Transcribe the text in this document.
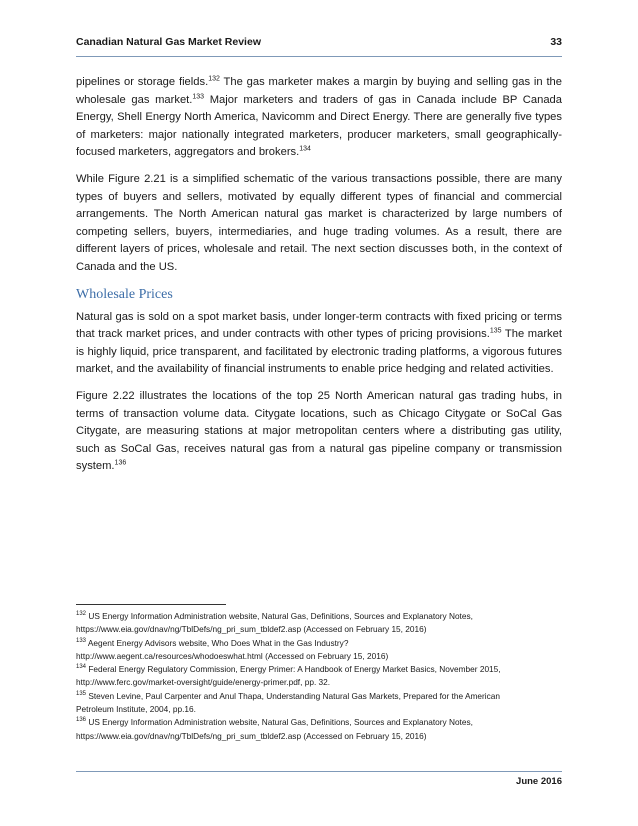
Canadian Natural Gas Market Review	33

pipelines or storage fields.$^{132}$ The gas marketer makes a margin by buying and selling gas in the wholesale gas market.$^{133}$ Major marketers and traders of gas in Canada include BP Canada Energy, Shell Energy North America, Navicomm and Direct Energy. There are generally five types of marketers: major nationally integrated marketers, producer marketers, small geographically-focused marketers, aggregators and brokers.$^{134}$

While Figure 2.21 is a simplified schematic of the various transactions possible, there are many types of buyers and sellers, motivated by equally different types of financial and commercial arrangements. The North American natural gas market is characterized by large numbers of competing sellers, buyers, intermediaries, and huge trading volumes. As a result, there are different layers of prices, wholesale and retail. The next section discusses both, in the context of Canada and the US.

Wholesale Prices

Natural gas is sold on a spot market basis, under longer-term contracts with fixed pricing or terms that track market prices, and under contracts with other types of pricing provisions.$^{135}$ The market is highly liquid, price transparent, and facilitated by electronic trading platforms, a vigorous futures market, and the availability of financial instruments to enable price hedging and related activities.

Figure 2.22 illustrates the locations of the top 25 North American natural gas trading hubs, in terms of transaction volume data. Citygate locations, such as Chicago Citygate or SoCal Gas Citygate, are measuring stations at major metropolitan centers where a distributing gas utility, such as SoCal Gas, receives natural gas from a natural gas pipeline company or transmission system.$^{136}$

$^{132}$ US Energy Information Administration website, Natural Gas, Definitions, Sources and Explanatory Notes,
https://www.eia.gov/dnav/ng/TblDefs/ng_pri_sum_tbldef2.asp (Accessed on February 15, 2016)

$^{133}$ Aegent Energy Advisors website, Who Does What in the Gas Industry?
http://www.aegent.ca/resources/whodoeswhat.html (Accessed on February 15, 2016)

$^{134}$ Federal Energy Regulatory Commission, Energy Primer: A Handbook of Energy Market Basics, November 2015,
http://www.ferc.gov/market-oversight/guide/energy-primer.pdf, pp. 32.

$^{135}$ Steven Levine, Paul Carpenter and Anul Thapa, Understanding Natural Gas Markets, Prepared for the American
Petroleum Institute, 2004, pp.16.

$^{136}$ US Energy Information Administration website, Natural Gas, Definitions, Sources and Explanatory Notes,
https://www.eia.gov/dnav/ng/TblDefs/ng_pri_sum_tbldef2.asp (Accessed on February 15, 2016)

June 2016
